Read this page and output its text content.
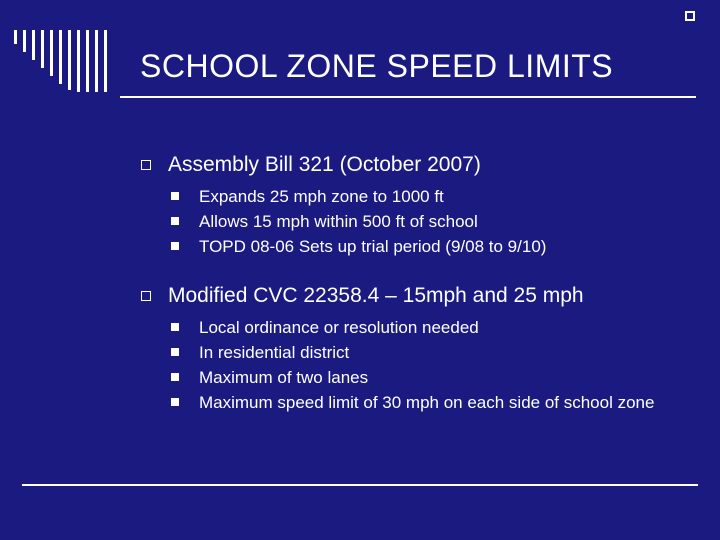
SCHOOL ZONE SPEED LIMITS
Assembly Bill 321 (October 2007)
Expands 25 mph zone to 1000 ft
Allows 15 mph within 500 ft of school
TOPD 08-06 Sets up trial period (9/08 to 9/10)
Modified CVC 22358.4 – 15mph and 25 mph
Local ordinance or resolution needed
In residential district
Maximum of two lanes
Maximum speed limit of 30 mph on each side of school zone
